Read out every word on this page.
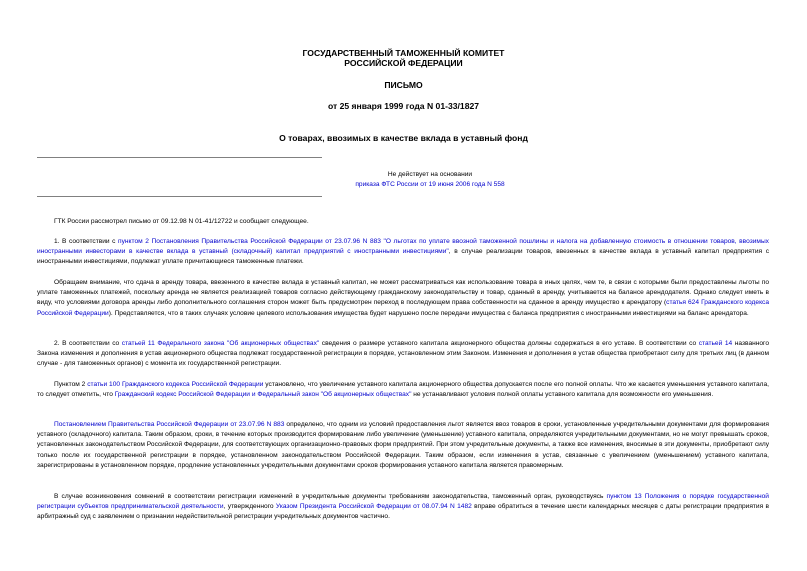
ГОСУДАРСТВЕННЫЙ ТАМОЖЕННЫЙ КОМИТЕТ
РОССИЙСКОЙ ФЕДЕРАЦИИ
ПИСЬМО
от 25 января 1999 года N 01-33/1827
О товарах, ввозимых в качестве вклада в уставный фонд
Не действует на основании
приказа ФТС России от 19 июня 2006 года N 558

ГТК России рассмотрел письмо от 09.12.98 N 01-41/12722 и сообщает следующее.

1. В соответствии с пунктом 2 Постановления Правительства Российской Федерации от 23.07.96 N 883 "О льготах по уплате ввозной таможенной пошлины и налога на добавленную стоимость в отношении товаров, ввозимых иностранными инвесторами в качестве вклада в уставный (складочный) капитал предприятий с иностранными инвестициями", в случае реализации товаров, ввезенных в качестве вклада в уставный капитал предприятия с иностранными инвестициями, подлежат уплате причитающиеся таможенные платежи.

Обращаем внимание, что сдача в аренду товара, ввезенного в качестве вклада в уставный капитал, не может рассматриваться как использование товара в иных целях, чем те, в связи с которыми были предоставлены льготы по уплате таможенных платежей, поскольку аренда не является реализацией товаров согласно действующему гражданскому законодательству и товар, сданный в аренду, учитывается на балансе арендодателя. Однако следует иметь в виду, что условиями договора аренды либо дополнительного соглашения сторон может быть предусмотрен переход в последующем права собственности на сданное в аренду имущество к арендатору (статья 624 Гражданского кодекса Российской Федерации). Представляется, что в таких случаях условие целевого использования имущества будет нарушено после передачи имущества с баланса предприятия с иностранными инвестициями на баланс арендатора.

2. В соответствии со статьей 11 Федерального закона "Об акционерных обществах" сведения о размере уставного капитала акционерного общества должны содержаться в его уставе. В соответствии со статьей 14 названного Закона изменения и дополнения в устав акционерного общества подлежат государственной регистрации в порядке, установленном этим Законом. Изменения и дополнения в устав общества приобретают силу для третьих лиц (в данном случае - для таможенных органов) с момента их государственной регистрации.

Пунктом 2 статьи 100 Гражданского кодекса Российской Федерации установлено, что увеличение уставного капитала акционерного общества допускается после его полной оплаты. Что же касается уменьшения уставного капитала, то следует отметить, что Гражданский кодекс Российской Федерации и Федеральный закон "Об акционерных обществах" не устанавливают условия полной оплаты уставного капитала для возможности его уменьшения.

Постановлением Правительства Российской Федерации от 23.07.96 N 883 определено, что одним из условий предоставления льгот является ввоз товаров в сроки, установленные учредительными документами для формирования уставного (складочного) капитала. Таким образом, сроки, в течение которых производится формирование либо увеличение (уменьшение) уставного капитала, определяются учредительными документами, но не могут превышать сроков, установленных законодательством Российской Федерации, для соответствующих организационно-правовых форм предприятий. При этом учредительные документы, а также все изменения, вносимые в эти документы, приобретают силу только после их государственной регистрации в порядке, установленном законодательством Российской Федерации. Таким образом, если изменения в устав, связанные с увеличением (уменьшением) уставного капитала, зарегистрированы в установленном порядке, продление установленных учредительными документами сроков формирования уставного капитала является правомерным.

В случае возникновения сомнений в соответствии регистрации изменений в учредительные документы требованиям законодательства, таможенный орган, руководствуясь пунктом 13 Положения о порядке государственной регистрации субъектов предпринимательской деятельности, утвержденного Указом Президента Российской Федерации от 08.07.94 N 1482 вправе обратиться в течение шести календарных месяцев с даты регистрации предприятия в арбитражный суд с заявлением о признании недействительной регистрации учредительных документов частично.
